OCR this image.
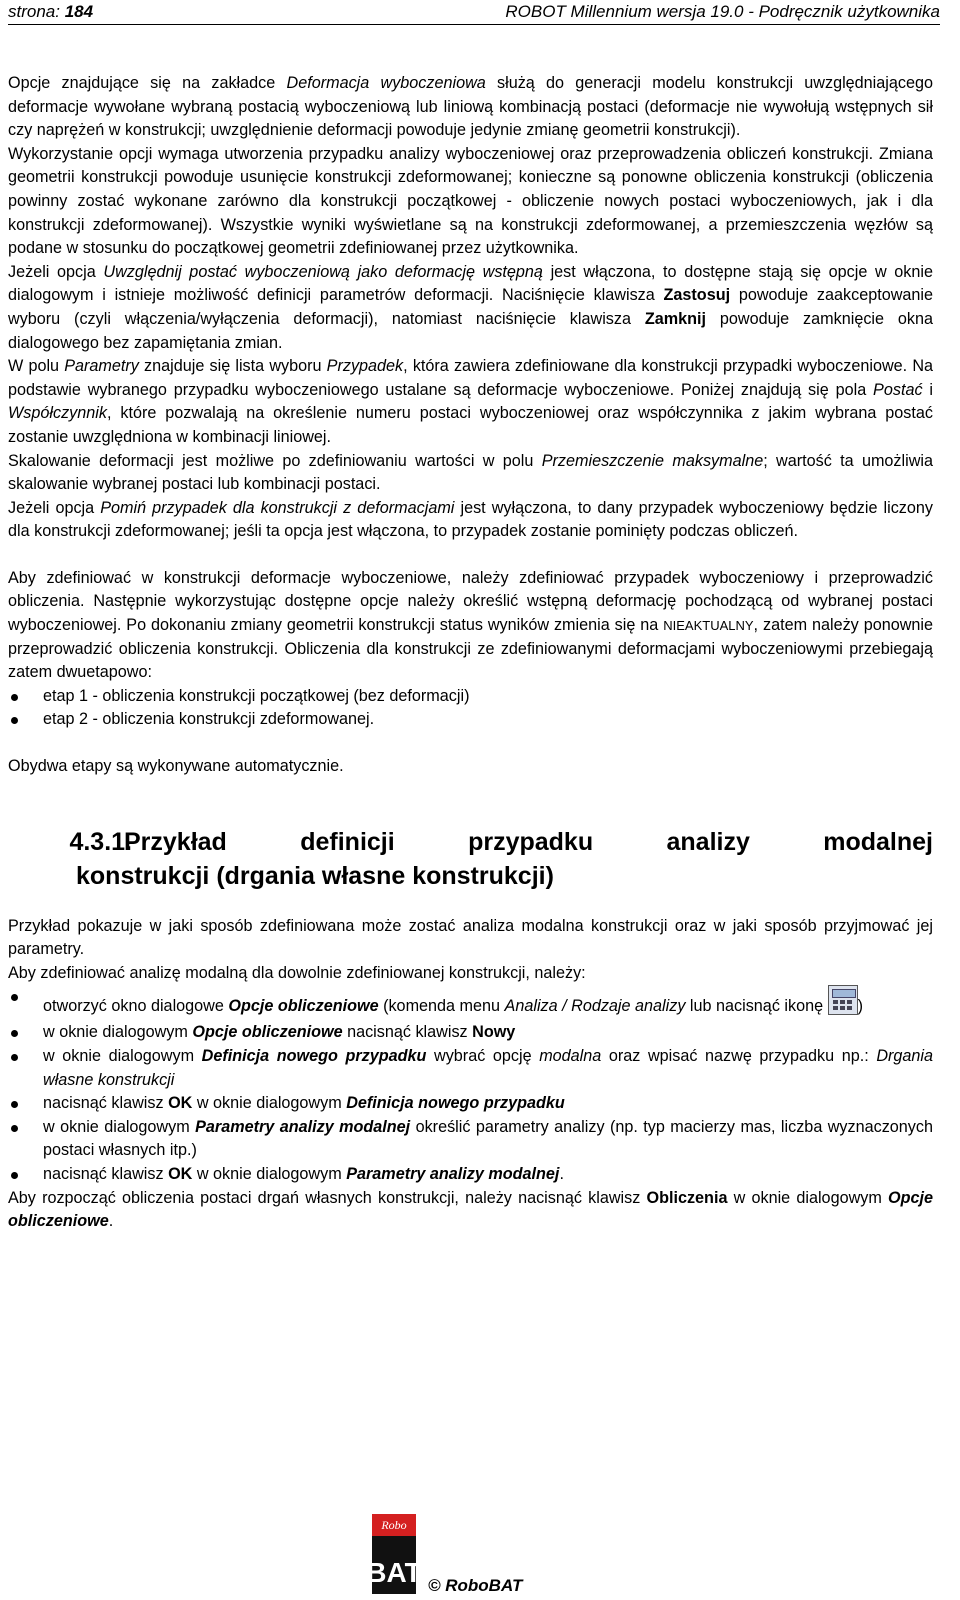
strona: 184	ROBOT Millennium wersja 19.0 - Podręcznik użytkownika

Opcje znajdujące się na zakładce Deformacja wyboczeniowa służą do generacji modelu konstrukcji uwzględniającego deformacje wywołane wybraną postacią wyboczeniową lub liniową kombinacją postaci (deformacje nie wywołują wstępnych sił czy naprężeń w konstrukcji; uwzględnienie deformacji powoduje jedynie zmianę geometrii konstrukcji).

Wykorzystanie opcji wymaga utworzenia przypadku analizy wyboczeniowej oraz przeprowadzenia obliczeń konstrukcji. Zmiana geometrii konstrukcji powoduje usunięcie konstrukcji zdeformowanej; konieczne są ponowne obliczenia konstrukcji (obliczenia powinny zostać wykonane zarówno dla konstrukcji początkowej - obliczenie nowych postaci wyboczeniowych, jak i dla konstrukcji zdeformowanej). Wszystkie wyniki wyświetlane są na konstrukcji zdeformowanej, a przemieszczenia węzłów są podane w stosunku do początkowej geometrii zdefiniowanej przez użytkownika.

Jeżeli opcja Uwzględnij postać wyboczeniową jako deformację wstępną jest włączona, to dostępne stają się opcje w oknie dialogowym i istnieje możliwość definicji parametrów deformacji. Naciśnięcie klawisza Zastosuj powoduje zaakceptowanie wyboru (czyli włączenia/wyłączenia deformacji), natomiast naciśnięcie klawisza Zamknij powoduje zamknięcie okna dialogowego bez zapamiętania zmian.

W polu Parametry znajduje się lista wyboru Przypadek, która zawiera zdefiniowane dla konstrukcji przypadki wyboczeniowe. Na podstawie wybranego przypadku wyboczeniowego ustalane są deformacje wyboczeniowe. Poniżej znajdują się pola Postać i Współczynnik, które pozwalają na określenie numeru postaci wyboczeniowej oraz współczynnika z jakim wybrana postać zostanie uwzględniona w kombinacji liniowej.

Skalowanie deformacji jest możliwe po zdefiniowaniu wartości w polu Przemieszczenie maksymalne; wartość ta umożliwia skalowanie wybranej postaci lub kombinacji postaci.

Jeżeli opcja Pomiń przypadek dla konstrukcji z deformacjami jest wyłączona, to dany przypadek wyboczeniowy będzie liczony dla konstrukcji zdeformowanej; jeśli ta opcja jest włączona, to przypadek zostanie pominięty podczas obliczeń.

Aby zdefiniować w konstrukcji deformacje wyboczeniowe, należy zdefiniować przypadek wyboczeniowy i przeprowadzić obliczenia. Następnie wykorzystując dostępne opcje należy określić wstępną deformację pochodzącą od wybranej postaci wyboczeniowej. Po dokonaniu zmiany geometrii konstrukcji status wyników zmienia się na NIEAKTUALNY, zatem należy ponownie przeprowadzić obliczenia konstrukcji. Obliczenia dla konstrukcji ze zdefiniowanymi deformacjami wyboczeniowymi przebiegają zatem dwuetapowo:

etap 1 - obliczenia konstrukcji początkowej (bez deformacji)
etap 2 - obliczenia konstrukcji zdeformowanej.

Obydwa etapy są wykonywane automatycznie.

4.3.1.
Przykład definicji przypadku analizy modalnej
konstrukcji (drgania własne konstrukcji)

Przykład pokazuje w jaki sposób zdefiniowana może zostać analiza modalna konstrukcji oraz w jaki sposób przyjmować jej parametry.

Aby zdefiniować analizę modalną dla dowolnie zdefiniowanej konstrukcji, należy:

otworzyć okno dialogowe Opcje obliczeniowe (komenda menu Analiza / Rodzaje analizy lub nacisnąć ikonę
)
w oknie dialogowym Opcje obliczeniowe nacisnąć klawisz Nowy
w oknie dialogowym Definicja nowego przypadku wybrać opcję modalna oraz wpisać nazwę przypadku np.: Drgania własne konstrukcji
nacisnąć klawisz OK w oknie dialogowym Definicja nowego przypadku
w oknie dialogowym Parametry analizy modalnej określić parametry analizy (np. typ macierzy mas, liczba wyznaczonych postaci własnych itp.)
nacisnąć klawisz OK w oknie dialogowym Parametry analizy modalnej.

Aby rozpocząć obliczenia postaci drgań własnych konstrukcji, należy nacisnąć klawisz Obliczenia w oknie dialogowym Opcje obliczeniowe.

Robo
BAT © RoboBAT
